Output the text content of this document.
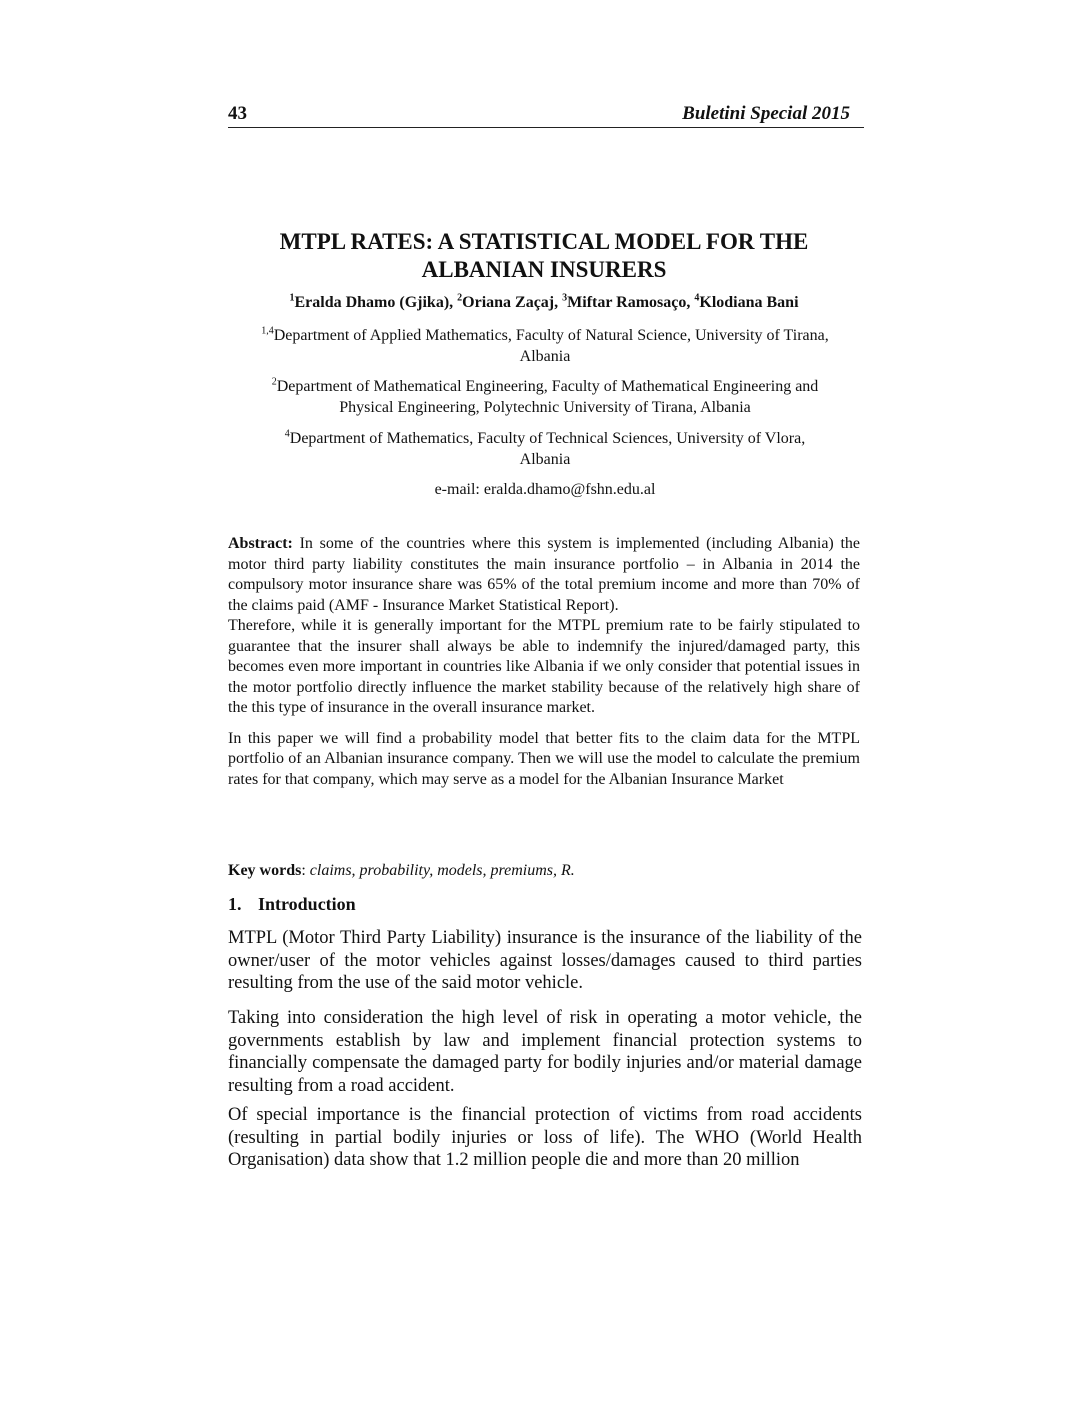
43	Buletini Special 2015
MTPL RATES: A STATISTICAL MODEL FOR THE
ALBANIAN INSURERS
$^1$Eralda Dhamo (Gjika), $^2$Oriana Zaçaj, $^3$Miftar Ramosaço, $^4$Klodiana Bani
$^{1,4}$Department of Applied Mathematics, Faculty of Natural Science, University of Tirana,
Albania
$^2$Department of Mathematical Engineering, Faculty of Mathematical Engineering and
Physical Engineering, Polytechnic University of Tirana, Albania
$^4$Department of Mathematics, Faculty of Technical Sciences, University of Vlora,
Albania
e-mail: eralda.dhamo@fshn.edu.al

Abstract: In some of the countries where this system is implemented (including Albania) the motor third party liability constitutes the main insurance portfolio – in Albania in 2014 the compulsory motor insurance share was 65% of the total premium income and more than 70% of the claims paid (AMF - Insurance Market Statistical Report).

Therefore, while it is generally important for the MTPL premium rate to be fairly stipulated to guarantee that the insurer shall always be able to indemnify the injured/damaged party, this becomes even more important in countries like Albania if we only consider that potential issues in the motor portfolio directly influence the market stability because of the relatively high share of the this type of insurance in the overall insurance market.

In this paper we will find a probability model that better fits to the claim data for the MTPL portfolio of an Albanian insurance company. Then we will use the model to calculate the premium rates for that company, which may serve as a model for the Albanian Insurance Market

Key words: claims, probability, models, premiums, R.
1. Introduction
MTPL (Motor Third Party Liability) insurance is the insurance of the liability of the owner/user of the motor vehicles against losses/damages caused to third parties resulting from the use of the said motor vehicle.
Taking into consideration the high level of risk in operating a motor vehicle, the governments establish by law and implement financial protection systems to financially compensate the damaged party for bodily injuries and/or material damage resulting from a road accident.
Of special importance is the financial protection of victims from road accidents (resulting in partial bodily injuries or loss of life). The WHO (World Health Organisation) data show that 1.2 million people die and more than 20 million
